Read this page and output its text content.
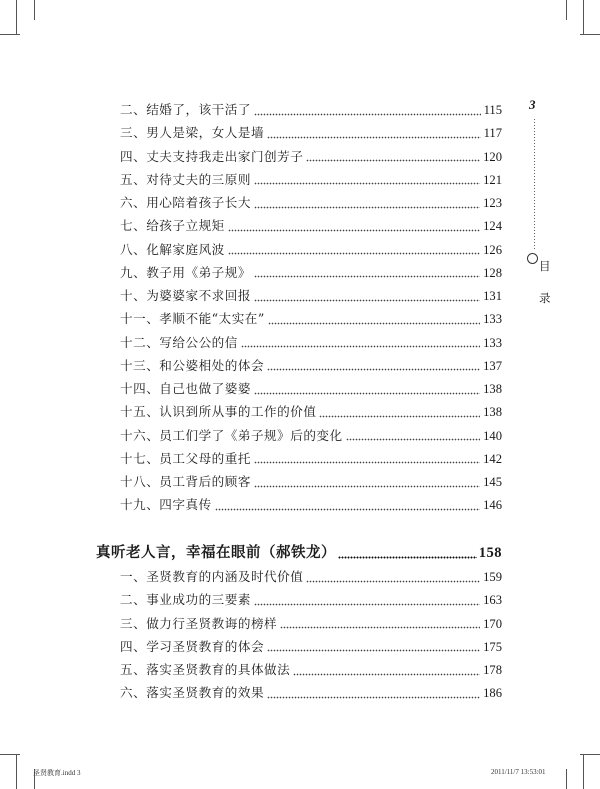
二、结婚了，该干活了	115
三、男人是梁，女人是墙	117
四、丈夫支持我走出家门创芳子	120
五、对待丈夫的三原则	121
六、用心陪着孩子长大	123
七、给孩子立规矩	124
八、化解家庭风波	126
九、教子用《弟子规》	128
十、为婆婆家不求回报	131
十一、孝顺不能“太实在”	133
十二、写给公公的信	133
十三、和公婆相处的体会	137
十四、自己也做了婆婆	138
十五、认识到所从事的工作的价值	138
十六、员工们学了《弟子规》后的变化	140
十七、员工父母的重托	142
十八、员工背后的顾客	145
十九、四字真传	146
真听老人言，幸福在眼前（郝铁龙）	158
一、圣贤教育的内涵及时代价值	159
二、事业成功的三要素	163
三、做力行圣贤教诲的榜样	170
四、学习圣贤教育的体会	175
五、落实圣贤教育的具体做法	178
六、落实圣贤教育的效果	186
3
目
录
圣贤教育.indd 3	2011/11/7 13:53:01
